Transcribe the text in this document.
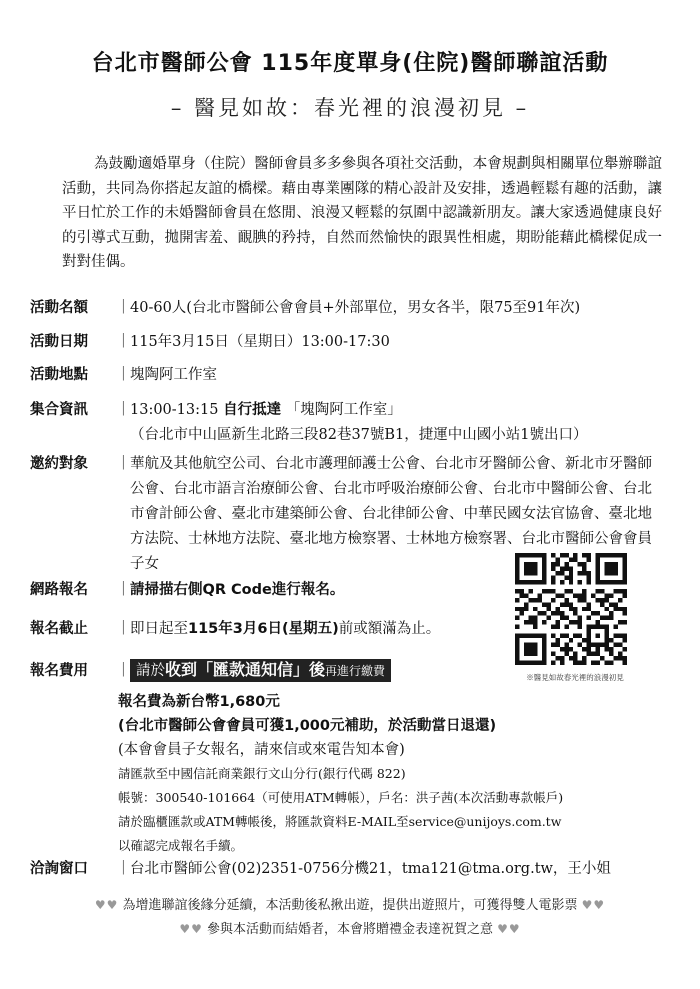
台北市醫師公會 115年度單身(住院)醫師聯誼活動
– 醫見如故：春光裡的浪漫初見 –
為鼓勵適婚單身（住院）醫師會員多多參與各項社交活動，本會規劃與相關單位舉辦聯誼活動，共同為你搭起友誼的橋樑。藉由專業團隊的精心設計及安排，透過輕鬆有趣的活動，讓平日忙於工作的未婚醫師會員在悠閒、浪漫又輕鬆的氛圍中認識新朋友。讓大家透過健康良好的引導式互動，拋開害羞、靦腆的矜持，自然而然愉快的跟異性相處，期盼能藉此橋樑促成一對對佳偶。
活動名額	｜ 40-60人(台北市醫師公會會員+外部單位，男女各半，限75至91年次)
活動日期	｜ 115年3月15日（星期日）13:00-17:30
活動地點	｜ 塊陶阿工作室
集合資訊	｜ 13:00-13:15 自行抵達 「塊陶阿工作室」
（台北市中山區新生北路三段82巷37號B1，捷運中山國小站1號出口）
邀約對象	｜ 華航及其他航空公司、台北市護理師護士公會、台北市牙醫師公會、新北市牙醫師公會、台北市語言治療師公會、台北市呼吸治療師公會、台北市中醫師公會、台北市會計師公會、臺北市建築師公會、台北律師公會、中華民國女法官協會、臺北地方法院、士林地方法院、臺北地方檢察署、士林地方檢察署、台北市醫師公會會員子女
網路報名	｜ 請掃描右側QR Code進行報名。
報名截止	｜ 即日起至115年3月6日(星期五)前或額滿為止。
報名費用	｜ 請於收到「匯款通知信」後再進行繳費
報名費為新台幣1,680元
(台北市醫師公會會員可獲1,000元補助，於活動當日退還)
(本會會員子女報名，請來信或來電告知本會)
請匯款至中國信託商業銀行文山分行(銀行代碼 822)
帳號：300540-101664（可使用ATM轉帳），戶名：洪子茜(本次活動專款帳戶)
請於臨櫃匯款或ATM轉帳後，將匯款資料E-MAIL至service@unijoys.com.tw
以確認完成報名手續。
洽詢窗口	｜ 台北市醫師公會(02)2351-0756分機21，tma121@tma.org.tw，王小姐
※醫見如故春光裡的浪漫初見
♥♥ 為增進聯誼後緣分延續，本活動後私揪出遊，提供出遊照片，可獲得雙人電影票 ♥♥
♥♥ 參與本活動而結婚者，本會將贈禮金表達祝賀之意 ♥♥
